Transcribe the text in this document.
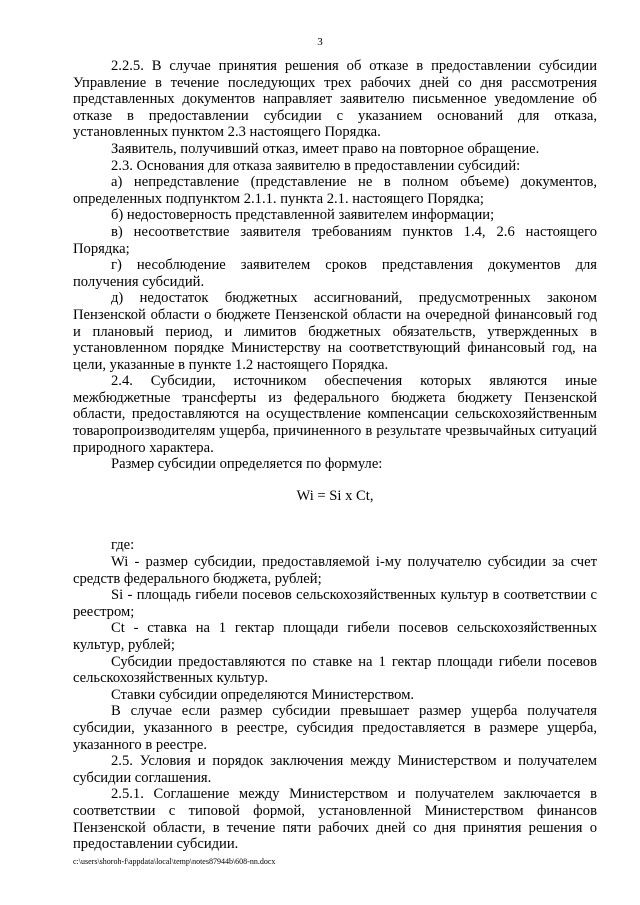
3

2.2.5. В случае принятия решения об отказе в предоставлении субсидии Управление в течение последующих трех рабочих дней со дня рассмотрения представленных документов направляет заявителю письменное уведомление об отказе в предоставлении субсидии с указанием оснований для отказа, установленных пунктом 2.3 настоящего Порядка.

Заявитель, получивший отказ, имеет право на повторное обращение.

2.3. Основания для отказа заявителю в предоставлении субсидий:

а) непредставление (представление не в полном объеме) документов, определенных подпунктом 2.1.1. пункта 2.1. настоящего Порядка;

б) недостоверность представленной заявителем информации;

в) несоответствие заявителя требованиям пунктов 1.4, 2.6 настоящего Порядка;

г) несоблюдение заявителем сроков представления документов для получения субсидий.

д) недостаток бюджетных ассигнований, предусмотренных законом Пензенской области о бюджете Пензенской области на очередной финансовый год и плановый период, и лимитов бюджетных обязательств, утвержденных в установленном порядке Министерству на соответствующий финансовый год, на цели, указанные в пункте 1.2 настоящего Порядка.

2.4. Субсидии, источником обеспечения которых являются иные межбюджетные трансферты из федерального бюджета бюджету Пензенской области, предоставляются на осуществление компенсации сельскохозяйственным товаропроизводителям ущерба, причиненного в результате чрезвычайных ситуаций природного характера.

Размер субсидии определяется по формуле:

Wi = Si x Ct,

где:

Wi - размер субсидии, предоставляемой i-му получателю субсидии за счет средств федерального бюджета, рублей;

Si - площадь гибели посевов сельскохозяйственных культур в соответствии с реестром;

Ct - ставка на 1 гектар площади гибели посевов сельскохозяйственных культур, рублей;

Субсидии предоставляются по ставке на 1 гектар площади гибели посевов сельскохозяйственных культур.

Ставки субсидии определяются Министерством.

В случае если размер субсидии превышает размер ущерба получателя субсидии, указанного в реестре, субсидия предоставляется в размере ущерба, указанного в реестре.

2.5. Условия и порядок заключения между Министерством и получателем субсидии соглашения.

2.5.1. Соглашение между Министерством и получателем заключается в соответствии с типовой формой, установленной Министерством финансов Пензенской области, в течение пяти рабочих дней со дня принятия решения о предоставлении субсидии.

c:\users\shoroh-f\appdata\local\temp\notes87944b\608-nn.docx
